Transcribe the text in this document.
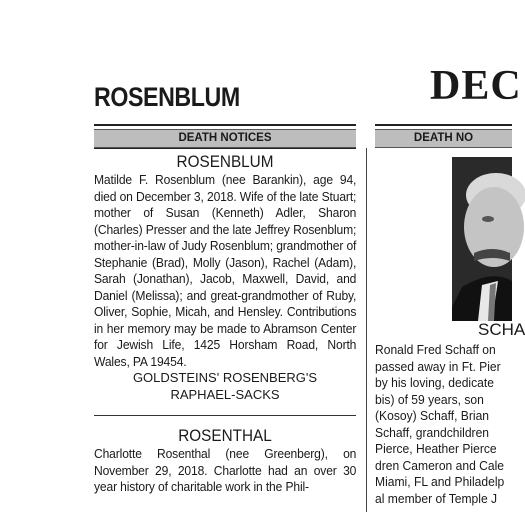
ROSENBLUM	DEC
DEATH NOTICES	DEATH NO
ROSENBLUM

Matilde F. Rosenblum (nee Barankin), age 94, died on December 3, 2018. Wife of the late Stuart; mother of Susan (Kenneth) Adler, Sharon (Charles) Presser and the late Jeffrey Rosenblum; mother-in-law of Judy Rosenblum; grandmother of Stephanie (Brad), Molly (Jason), Rachel (Adam), Sarah (Jonathan), Jacob, Maxwell, David, and Daniel (Melissa); and great-grandmother of Ruby, Oliver, Sophie, Micah, and Hensley. Contributions in her memory may be made to Abramson Center for Jewish Life, 1425 Horsham Road, North Wales, PA 19454.

GOLDSTEINS' ROSENBERG'S
RAPHAEL-SACKS
ROSENTHAL

Charlotte Rosenthal (nee Greenberg), on November 29, 2018. Charlotte had an over 30 year history of charitable work in the Phil-

SCHA
Ronald Fred Schaff on
passed away in Ft. Pier
by his loving, dedicate
bis) of 59 years, son
(Kosoy) Schaff, Brian
Schaff, grandchildren
Pierce, Heather Pierce
dren Cameron and Cale
Miami, FL and Philadelp
al member of Temple J
